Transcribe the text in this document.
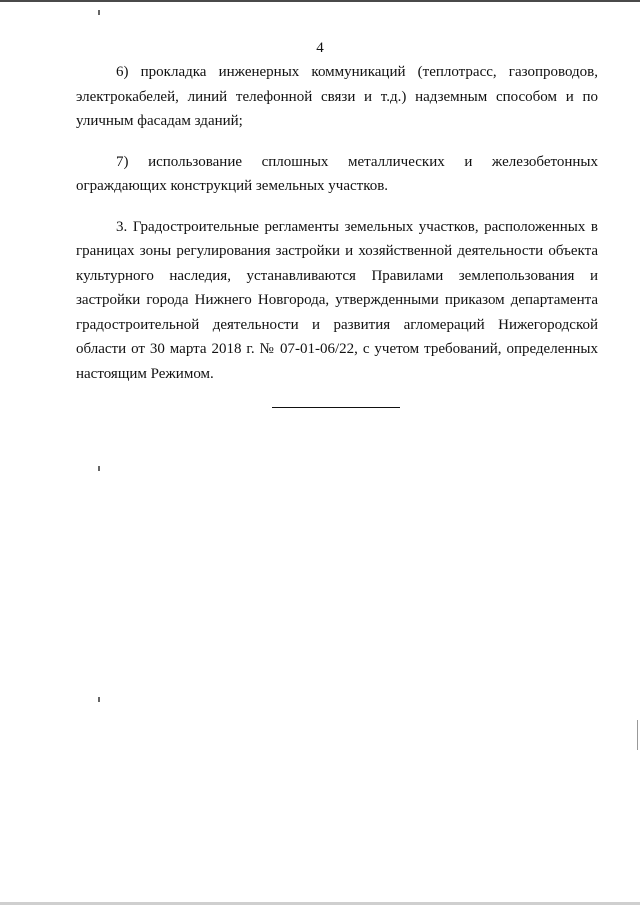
4

6) прокладка инженерных коммуникаций (теплотрасс, газопроводов, электрокабелей, линий телефонной связи и т.д.) надземным способом и по уличным фасадам зданий;

7) использование сплошных металлических и железобетонных ограждающих конструкций земельных участков.

3. Градостроительные регламенты земельных участков, расположенных в границах зоны регулирования застройки и хозяйственной деятельности объекта культурного наследия, устанавливаются Правилами землепользования и застройки города Нижнего Новгорода, утвержденными приказом департамента градостроительной деятельности и развития агломераций Нижегородской области от 30 марта 2018 г. № 07-01-06/22, с учетом требований, определенных настоящим Режимом.
